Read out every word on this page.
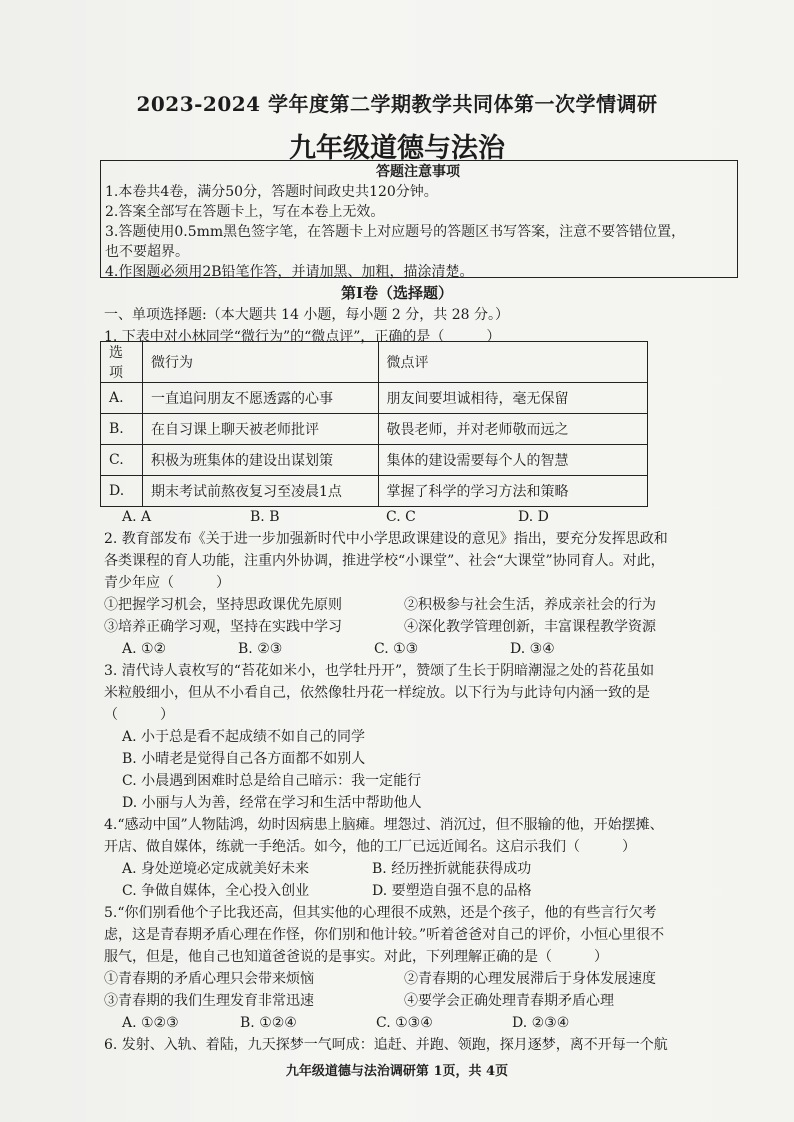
2023-2024 学年度第二学期教学共同体第一次学情调研
九年级道德与法治
答题注意事项
1.本卷共4卷，满分50分，答题时间政史共120分钟。
2.答案全部写在答题卡上，写在本卷上无效。
3.答题使用0.5mm黑色签字笔，在答题卡上对应题号的答题区书写答案，注意不要答错位置，
也不要超界。
4.作图题必须用2B铅笔作答，并请加黑、加粗，描涂清楚。
第Ⅰ卷（选择题）
一、单项选择题:（本大题共 14 小题，每小题 2 分，共 28 分。）
1. 下表中对小林同学“微行为”的“微点评”，正确的是（　　　）
选项	微行为	微点评
A.	一直追问朋友不愿透露的心事	朋友间要坦诚相待，毫无保留
B.	在自习课上聊天被老师批评	敬畏老师，并对老师敬而远之
C.	积极为班集体的建设出谋划策	集体的建设需要每个人的智慧
D.	期末考试前熬夜复习至凌晨1点	掌握了科学的学习方法和策略
A. A	B. B	C. C	D. D
2. 教育部发布《关于进一步加强新时代中小学思政课建设的意见》指出，要充分发挥思政和
各类课程的育人功能，注重内外协调，推进学校“小课堂”、社会“大课堂”协同育人。对此，
青少年应（　　　）
①把握学习机会，坚持思政课优先原则	②积极参与社会生活，养成亲社会的行为
③培养正确学习观，坚持在实践中学习	④深化教学管理创新，丰富课程教学资源
A. ①②	B. ②③	C. ①③	D. ③④
3. 清代诗人袁枚写的“苔花如米小，也学牡丹开”，赞颂了生长于阴暗潮湿之处的苔花虽如
米粒般细小，但从不小看自己，依然像牡丹花一样绽放。以下行为与此诗句内涵一致的是
（　　　）
A. 小于总是看不起成绩不如自己的同学
B. 小晴老是觉得自己各方面都不如别人
C. 小晨遇到困难时总是给自己暗示：我一定能行
D. 小丽与人为善，经常在学习和生活中帮助他人
4.“感动中国”人物陆鸿，幼时因病患上脑瘫。埋怨过、消沉过，但不服输的他，开始摆摊、
开店、做自媒体，练就一手绝活。如今，他的工厂已远近闻名。这启示我们（　　　）
A. 身处逆境必定成就美好未来	B. 经历挫折就能获得成功
C. 争做自媒体，全心投入创业	D. 要塑造自强不息的品格
5.“你们别看他个子比我还高，但其实他的心理很不成熟，还是个孩子，他的有些言行欠考
虑，这是青春期矛盾心理在作怪，你们别和他计较。”听着爸爸对自己的评价，小恒心里很不
服气，但是，他自己也知道爸爸说的是事实。对此，下列理解正确的是（　　　）
①青春期的矛盾心理只会带来烦恼	②青春期的心理发展滞后于身体发展速度
③青春期的我们生理发育非常迅速	④要学会正确处理青春期矛盾心理
A. ①②③	B. ①②④	C. ①③④	D. ②③④
6. 发射、入轨、着陆，九天探梦一气呵成：追赶、并跑、领跑，探月逐梦，离不开每一个航
九年级道德与法治调研第 1页，共 4页
